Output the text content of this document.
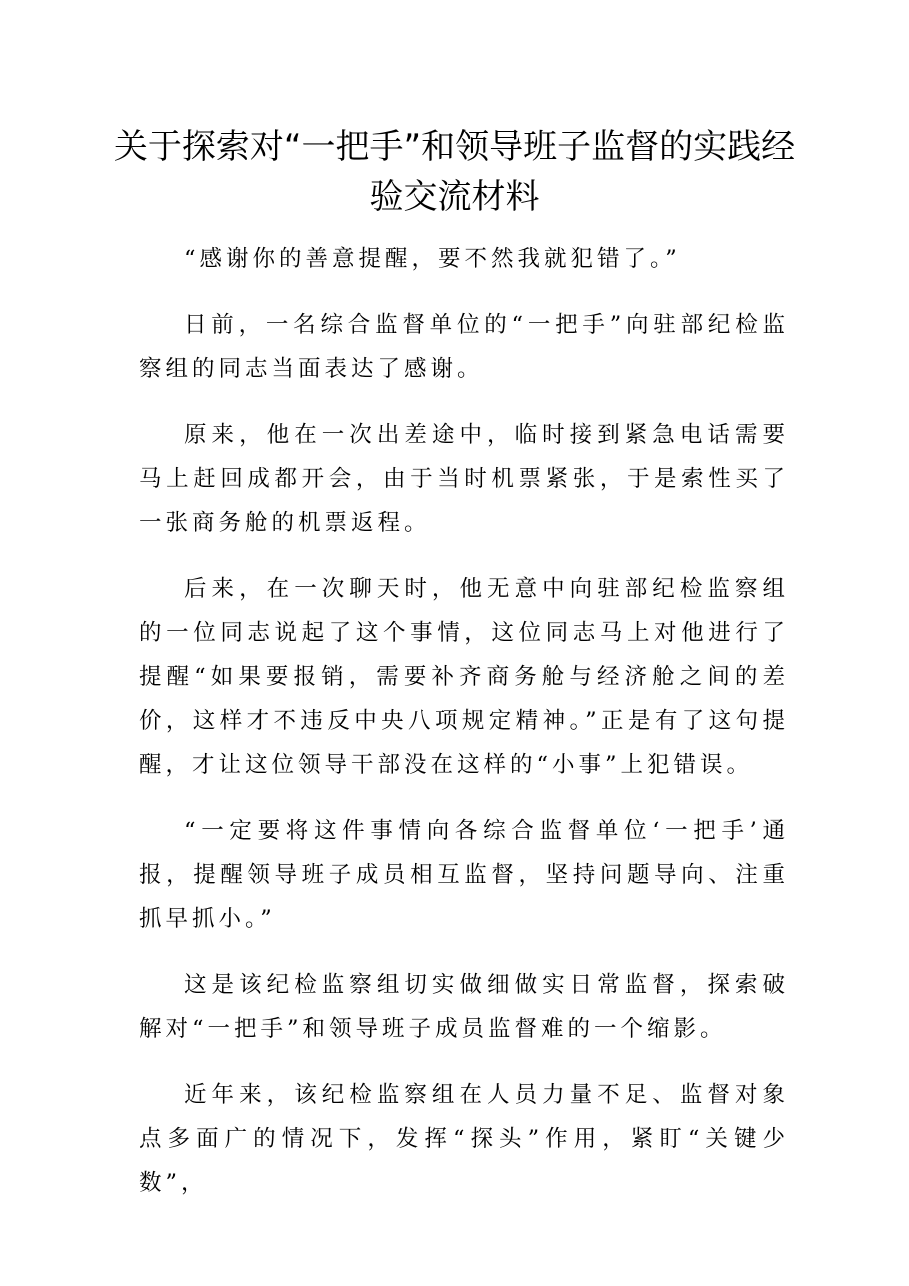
关于探索对“一把手”和领导班子监督的实践经验交流材料

“感谢你的善意提醒，要不然我就犯错了。”

日前，一名综合监督单位的“一把手”向驻部纪检监察组的同志当面表达了感谢。

原来，他在一次出差途中，临时接到紧急电话需要马上赶回成都开会，由于当时机票紧张，于是索性买了一张商务舱的机票返程。

后来，在一次聊天时，他无意中向驻部纪检监察组的一位同志说起了这个事情，这位同志马上对他进行了提醒“如果要报销，需要补齐商务舱与经济舱之间的差价，这样才不违反中央八项规定精神。”正是有了这句提醒，才让这位领导干部没在这样的“小事”上犯错误。

“一定要将这件事情向各综合监督单位‘一把手’通报，提醒领导班子成员相互监督，坚持问题导向、注重抓早抓小。”

这是该纪检监察组切实做细做实日常监督，探索破解对“一把手”和领导班子成员监督难的一个缩影。

近年来，该纪检监察组在人员力量不足、监督对象点多面广的情况下，发挥“探头”作用，紧盯“关键少数”，
